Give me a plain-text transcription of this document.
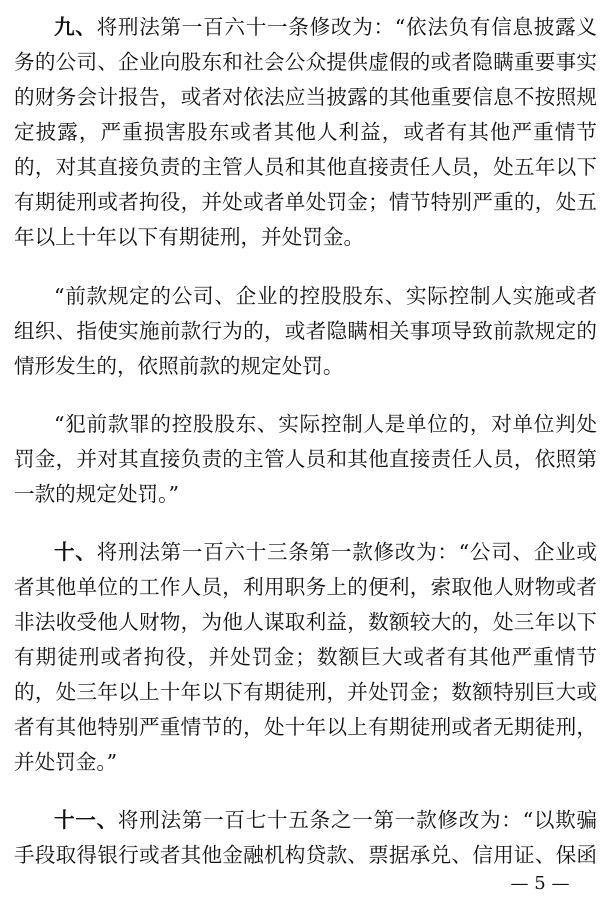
九、将刑法第一百六十一条修改为：“依法负有信息披露义
务的公司、企业向股东和社会公众提供虚假的或者隐瞒重要事实
的财务会计报告，或者对依法应当披露的其他重要信息不按照规
定披露，严重损害股东或者其他人利益，或者有其他严重情节
的，对其直接负责的主管人员和其他直接责任人员，处五年以下
有期徒刑或者拘役，并处或者单处罚金；情节特别严重的，处五
年以上十年以下有期徒刑，并处罚金。
“前款规定的公司、企业的控股股东、实际控制人实施或者
组织、指使实施前款行为的，或者隐瞒相关事项导致前款规定的
情形发生的，依照前款的规定处罚。
“犯前款罪的控股股东、实际控制人是单位的，对单位判处
罚金，并对其直接负责的主管人员和其他直接责任人员，依照第
一款的规定处罚。”
十、将刑法第一百六十三条第一款修改为：“公司、企业或
者其他单位的工作人员，利用职务上的便利，索取他人财物或者
非法收受他人财物，为他人谋取利益，数额较大的，处三年以下
有期徒刑或者拘役，并处罚金；数额巨大或者有其他严重情节
的，处三年以上十年以下有期徒刑，并处罚金；数额特别巨大或
者有其他特别严重情节的，处十年以上有期徒刑或者无期徒刑，
并处罚金。”
十一、将刑法第一百七十五条之一第一款修改为：“以欺骗
手段取得银行或者其他金融机构贷款、票据承兑、信用证、保函
— 5 —
